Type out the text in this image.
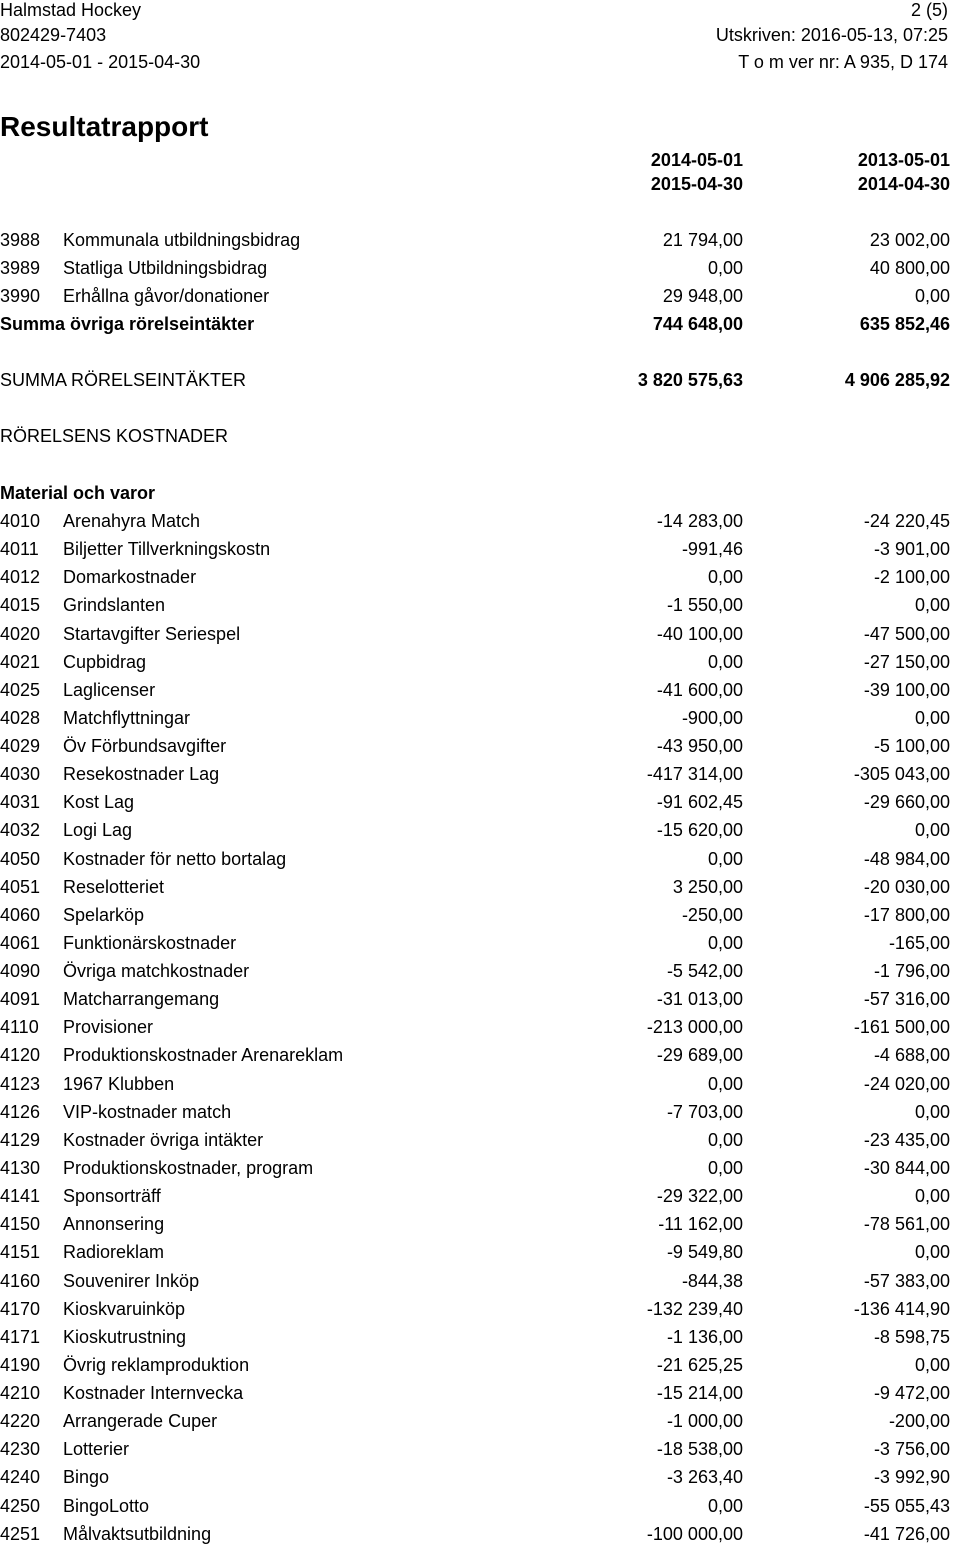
Halmstad Hockey	2 (5)
802429-7403	Utskriven: 2016-05-13, 07:25
2014-05-01 - 2015-04-30	T o m ver nr: A 935, D 174
Resultatrapport
2014-05-01
2015-04-30
2013-05-01
2014-04-30
3988 Kommunala utbildningsbidrag	21 794,00	23 002,00
3989 Statliga Utbildningsbidrag	0,00	40 800,00
3990 Erhållna gåvor/donationer	29 948,00	0,00
Summa övriga rörelseintäkter	744 648,00	635 852,46
SUMMA RÖRELSEINTÄKTER	3 820 575,63	4 906 285,92
RÖRELSENS KOSTNADER
Material och varor
4010 Arenahyra Match	-14 283,00	-24 220,45
4011 Biljetter Tillverkningskostn	-991,46	-3 901,00
4012 Domarkostnader	0,00	-2 100,00
4015 Grindslanten	-1 550,00	0,00
4020 Startavgifter Seriespel	-40 100,00	-47 500,00
4021 Cupbidrag	0,00	-27 150,00
4025 Laglicenser	-41 600,00	-39 100,00
4028 Matchflyttningar	-900,00	0,00
4029 Öv Förbundsavgifter	-43 950,00	-5 100,00
4030 Resekostnader Lag	-417 314,00	-305 043,00
4031 Kost Lag	-91 602,45	-29 660,00
4032 Logi Lag	-15 620,00	0,00
4050 Kostnader för netto bortalag	0,00	-48 984,00
4051 Reselotteriet	3 250,00	-20 030,00
4060 Spelarköp	-250,00	-17 800,00
4061 Funktionärskostnader	0,00	-165,00
4090 Övriga matchkostnader	-5 542,00	-1 796,00
4091 Matcharrangemang	-31 013,00	-57 316,00
4110 Provisioner	-213 000,00	-161 500,00
4120 Produktionskostnader Arenareklam	-29 689,00	-4 688,00
4123 1967 Klubben	0,00	-24 020,00
4126 VIP-kostnader match	-7 703,00	0,00
4129 Kostnader övriga intäkter	0,00	-23 435,00
4130 Produktionskostnader, program	0,00	-30 844,00
4141 Sponsorträff	-29 322,00	0,00
4150 Annonsering	-11 162,00	-78 561,00
4151 Radioreklam	-9 549,80	0,00
4160 Souvenirer Inköp	-844,38	-57 383,00
4170 Kioskvaruinköp	-132 239,40	-136 414,90
4171 Kioskutrustning	-1 136,00	-8 598,75
4190 Övrig reklamproduktion	-21 625,25	0,00
4210 Kostnader Internvecka	-15 214,00	-9 472,00
4220 Arrangerade Cuper	-1 000,00	-200,00
4230 Lotterier	-18 538,00	-3 756,00
4240 Bingo	-3 263,40	-3 992,90
4250 BingoLotto	0,00	-55 055,43
4251 Målvaktsutbildning	-100 000,00	-41 726,00
